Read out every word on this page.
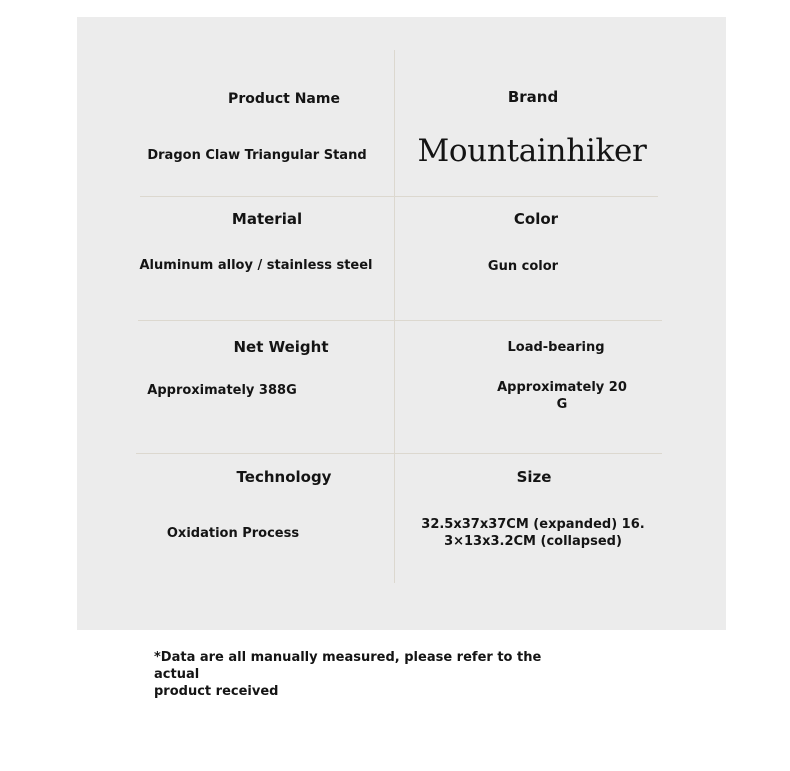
Product Name
Dragon Claw Triangular Stand
Brand
Mountainhiker
Material
Aluminum alloy / stainless steel
Color
Gun color
Net Weight
Approximately 388G
Load-bearing
Approximately 20
G
Technology
Oxidation Process
Size
32.5x37x37CM (expanded) 16.
3×13x3.2CM (collapsed)
*Data are all manually measured, please refer to the actual
product received
